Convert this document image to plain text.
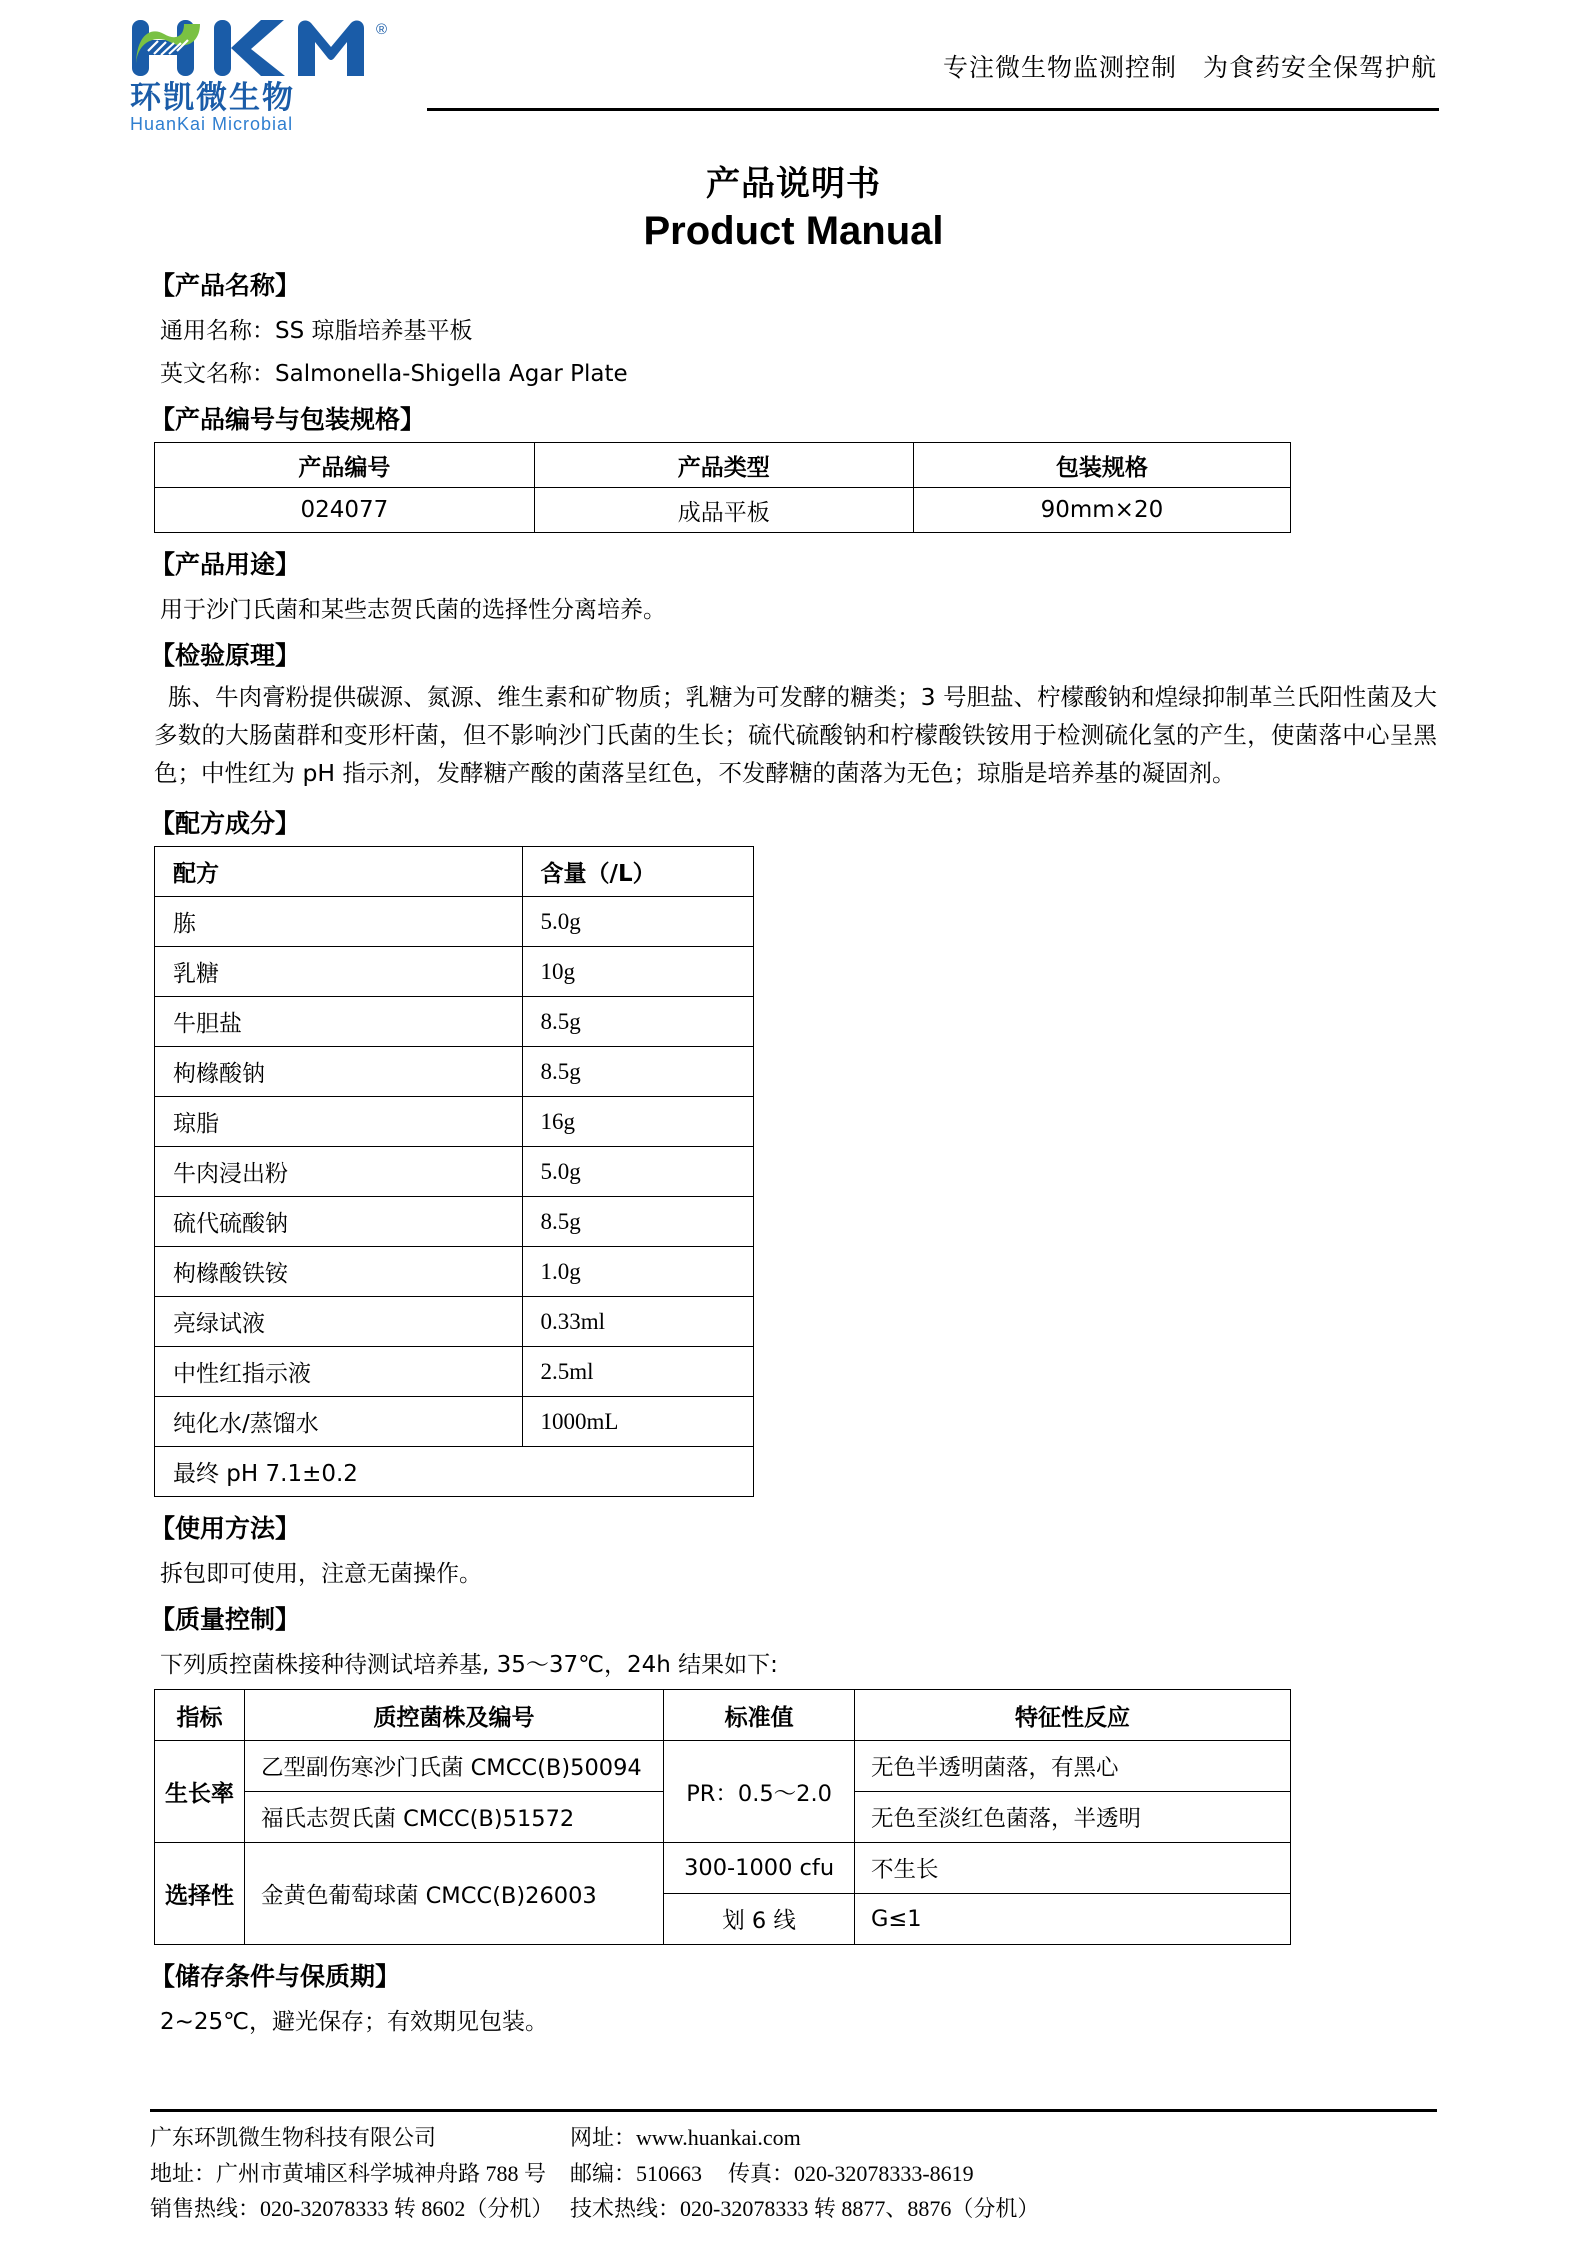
®
环凯微生物
HuanKai Microbial
专注微生物监测控制　为食药安全保驾护航
产品说明书
Product Manual
【产品名称】
通用名称：SS 琼脂培养基平板
英文名称：Salmonella-Shigella Agar Plate
【产品编号与包装规格】
产品编号	产品类型	包装规格
024077	成品平板	90mm×20
【产品用途】
用于沙门氏菌和某些志贺氏菌的选择性分离培养。
【检验原理】
胨、牛肉膏粉提供碳源、氮源、维生素和矿物质；乳糖为可发酵的糖类；3 号胆盐、柠檬酸钠和煌绿抑制革兰氏阳性菌及大多数的大肠菌群和变形杆菌，但不影响沙门氏菌的生长；硫代硫酸钠和柠檬酸铁铵用于检测硫化氢的产生，使菌落中心呈黑色；中性红为 pH 指示剂，发酵糖产酸的菌落呈红色，不发酵糖的菌落为无色；琼脂是培养基的凝固剂。
【配方成分】
配方	含量（/L）
胨	5.0g
乳糖	10g
牛胆盐	8.5g
枸橼酸钠	8.5g
琼脂	16g
牛肉浸出粉	5.0g
硫代硫酸钠	8.5g
枸橼酸铁铵	1.0g
亮绿试液	0.33ml
中性红指示液	2.5ml
纯化水/蒸馏水	1000mL
最终 pH 7.1±0.2	
【使用方法】
拆包即可使用，注意无菌操作。
【质量控制】
下列质控菌株接种待测试培养基, 35～37℃，24h 结果如下:
指标	质控菌株及编号	标准值	特征性反应
生长率	乙型副伤寒沙门氏菌 CMCC(B)50094	PR：0.5～2.0	无色半透明菌落，有黑心
	福氏志贺氏菌 CMCC(B)51572		无色至淡红色菌落，半透明
选择性	金黄色葡萄球菌 CMCC(B)26003	300-1000 cfu	不生长
		划 6 线	G≤1
【储存条件与保质期】
2~25℃，避光保存；有效期见包装。
广东环凯微生物科技有限公司
地址：广州市黄埔区科学城神舟路 788 号
销售热线：020-32078333 转 8602（分机）
网址：www.huankai.com
邮编：510663 传真：020-32078333-8619
技术热线：020-32078333 转 8877、8876（分机）
